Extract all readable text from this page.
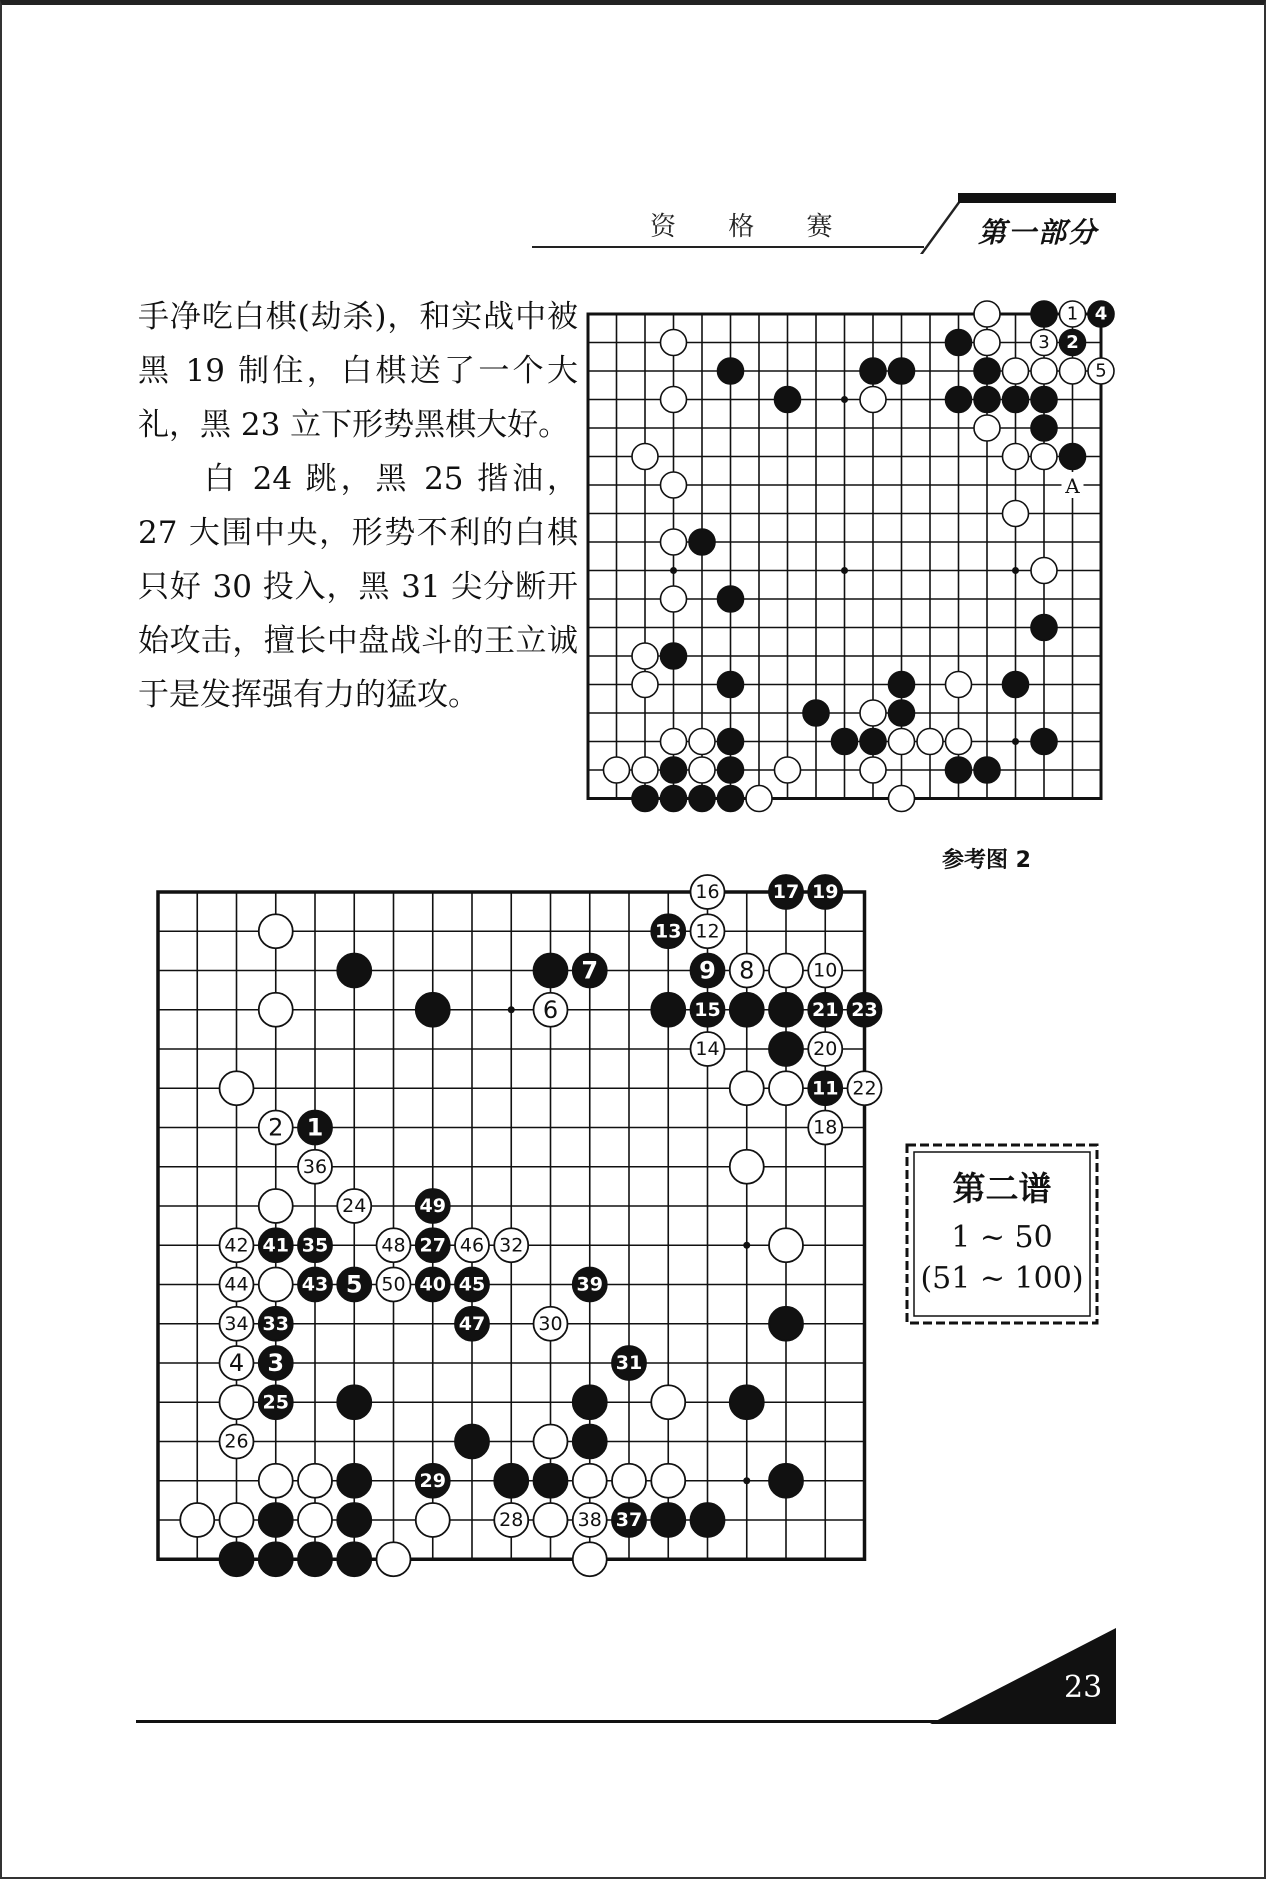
资 格 赛	第一部分

手净吃白棋(劫杀)，和实战中被黑 19 制住，白棋送了一个大礼，黑 23 立下形势黑棋大好。

白 24 跳，黑 25 揩油，27 大围中央，形势不利的白棋只好 30 投入，黑 31 尖分断开始攻击，擅长中盘战斗的王立诚于是发挥强有力的猛攻。

1 4
3 2
5
A
参考图 2
16	17 19
13 12
7	9 8	10
6	15	21 23
14	20
11 22
2 1	18
36
24	49
42 41 35	48 27 46 32
44	43 5 50 40 45	39
34 33	47	30
4 3	31
25
26
29
28	38 37
第二谱
1 ~ 50
(51 ~ 100)
23
